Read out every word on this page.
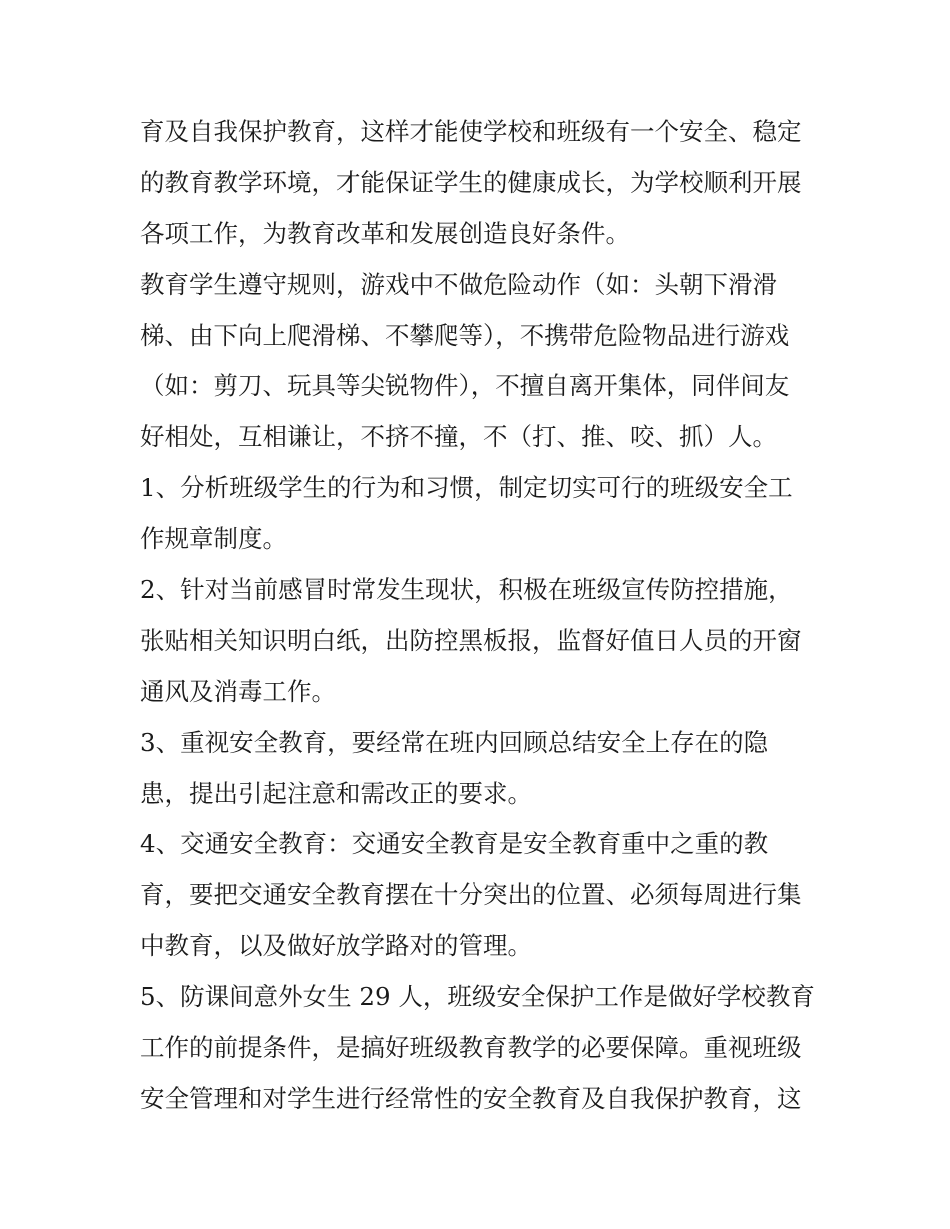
育及自我保护教育，这样才能使学校和班级有一个安全、稳定
的教育教学环境，才能保证学生的健康成长，为学校顺利开展
各项工作，为教育改革和发展创造良好条件。
教育学生遵守规则，游戏中不做危险动作（如：头朝下滑滑
梯、由下向上爬滑梯、不攀爬等），不携带危险物品进行游戏
（如：剪刀、玩具等尖锐物件），不擅自离开集体，同伴间友
好相处，互相谦让，不挤不撞，不（打、推、咬、抓）人。
1、分析班级学生的行为和习惯，制定切实可行的班级安全工
作规章制度。
2、针对当前感冒时常发生现状，积极在班级宣传防控措施，
张贴相关知识明白纸，出防控黑板报，监督好值日人员的开窗
通风及消毒工作。
3、重视安全教育，要经常在班内回顾总结安全上存在的隐
患，提出引起注意和需改正的要求。
4、交通安全教育：交通安全教育是安全教育重中之重的教
育，要把交通安全教育摆在十分突出的位置、必须每周进行集
中教育，以及做好放学路对的管理。
5、防课间意外女生 29 人，班级安全保护工作是做好学校教育
工作的前提条件，是搞好班级教育教学的必要保障。重视班级
安全管理和对学生进行经常性的安全教育及自我保护教育，这
